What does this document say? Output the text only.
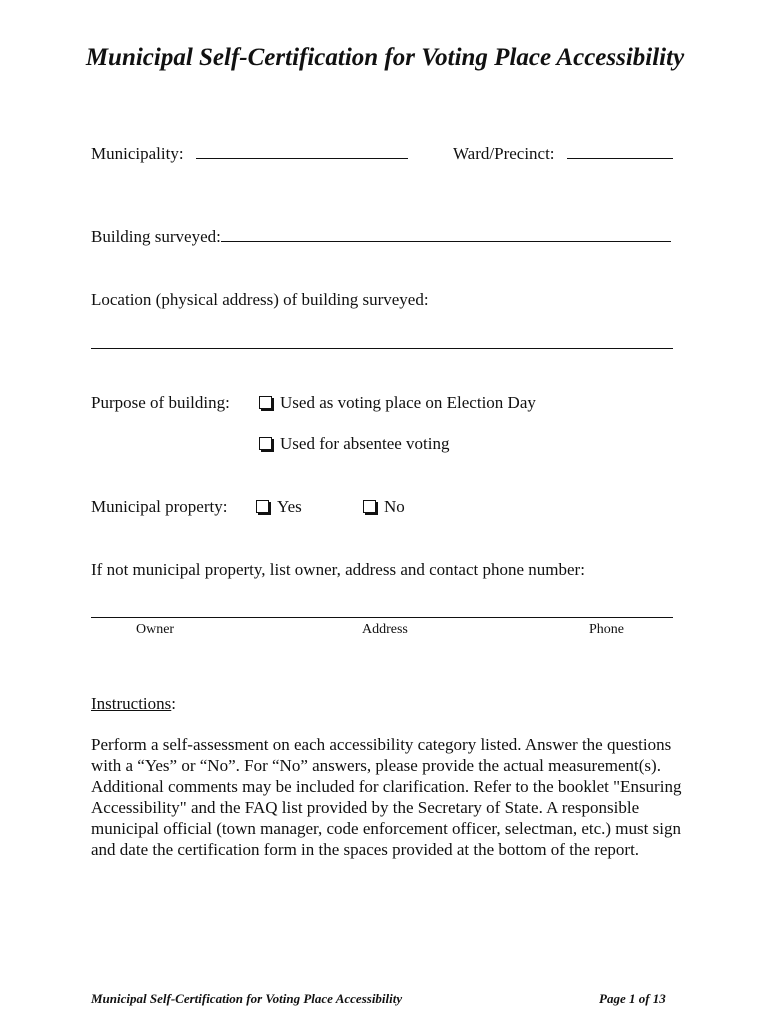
Municipal Self-Certification for Voting Place Accessibility
Municipality:	Ward/Precinct:
Building surveyed:
Location (physical address) of building surveyed:
Purpose of building:	Used as voting place on Election Day
Used for absentee voting
Municipal property:	Yes	No
If not municipal property, list owner, address and contact phone number:
Owner	Address	Phone
Instructions:
Perform a self-assessment on each accessibility category listed. Answer the questions with a “Yes” or “No”. For “No” answers, please provide the actual measurement(s). Additional comments may be included for clarification. Refer to the booklet "Ensuring Accessibility" and the FAQ list provided by the Secretary of State. A responsible municipal official (town manager, code enforcement officer, selectman, etc.) must sign and date the certification form in the spaces provided at the bottom of the report.
Municipal Self-Certification for Voting Place Accessibility	Page 1 of 13
